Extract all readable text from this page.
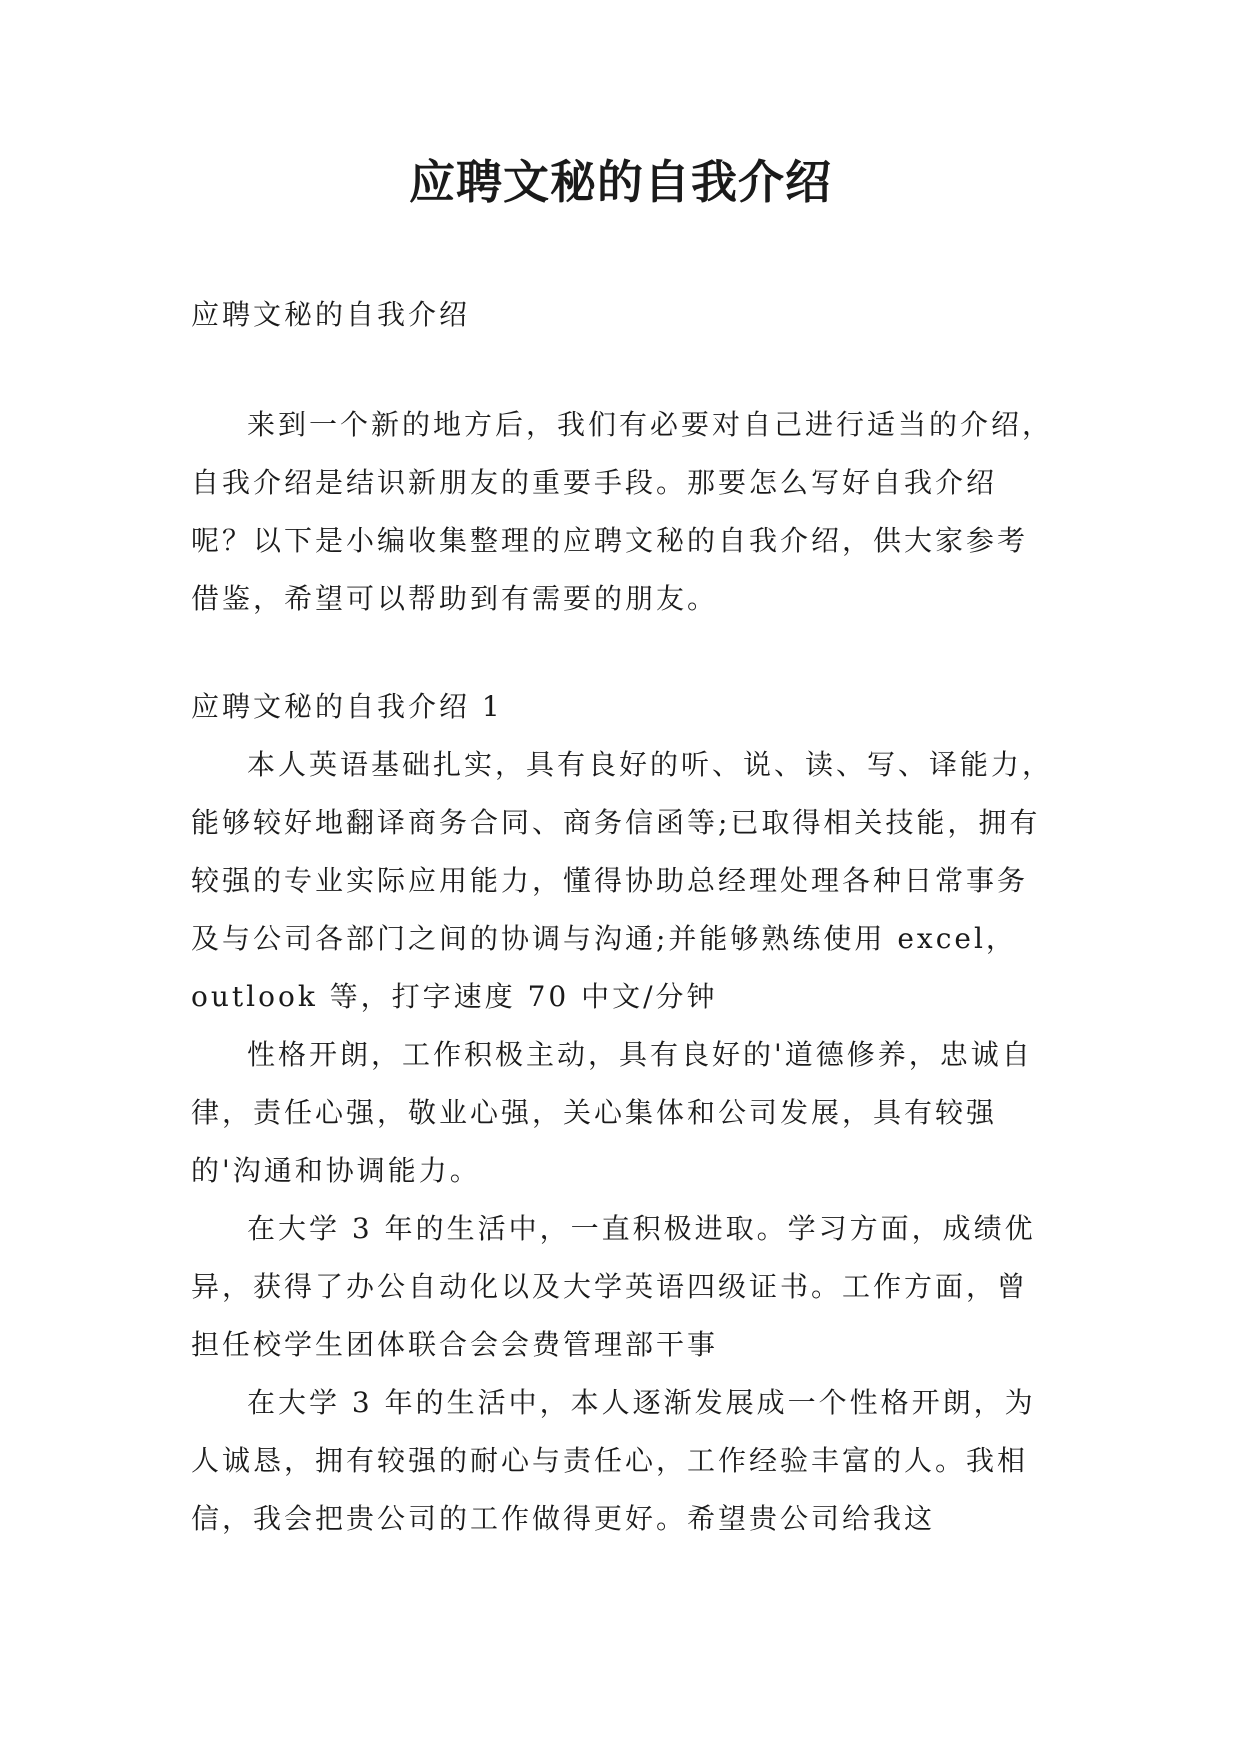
应聘文秘的自我介绍

应聘文秘的自我介绍

来到一个新的地方后，我们有必要对自己进行适当的介绍，自我介绍是结识新朋友的重要手段。那要怎么写好自我介绍呢？以下是小编收集整理的应聘文秘的自我介绍，供大家参考借鉴，希望可以帮助到有需要的朋友。

应聘文秘的自我介绍 1

本人英语基础扎实，具有良好的听、说、读、写、译能力，能够较好地翻译商务合同、商务信函等;已取得相关技能，拥有较强的专业实际应用能力，懂得协助总经理处理各种日常事务及与公司各部门之间的协调与沟通;并能够熟练使用 excel，outlook 等，打字速度 70 中文/分钟

性格开朗，工作积极主动，具有良好的'道德修养，忠诚自律，责任心强，敬业心强，关心集体和公司发展，具有较强的'沟通和协调能力。

在大学 3 年的生活中，一直积极进取。学习方面，成绩优异，获得了办公自动化以及大学英语四级证书。工作方面，曾担任校学生团体联合会会费管理部干事

在大学 3 年的生活中，本人逐渐发展成一个性格开朗，为人诚恳，拥有较强的耐心与责任心，工作经验丰富的人。我相信，我会把贵公司的工作做得更好。希望贵公司给我这
